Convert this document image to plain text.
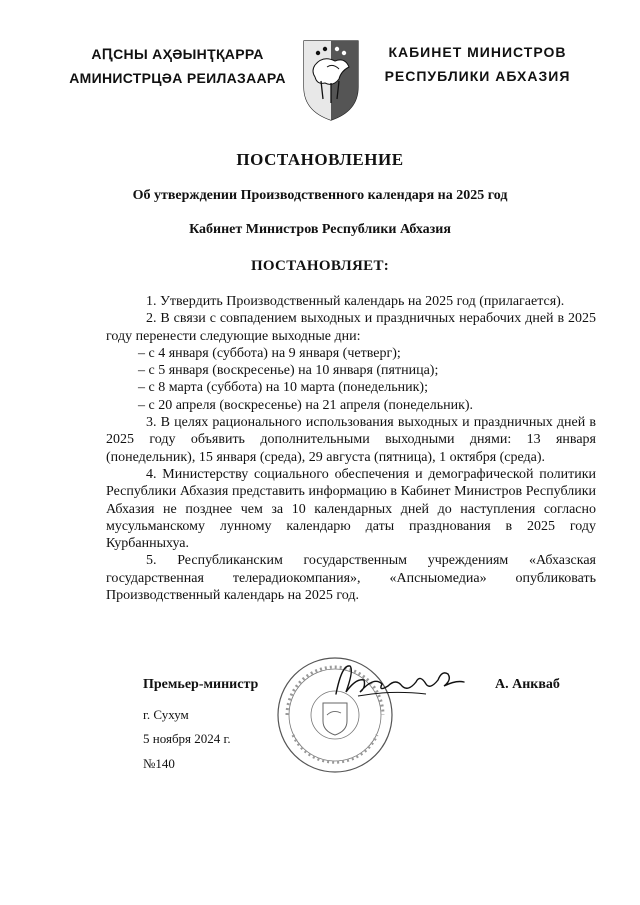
АԤСНЫ АҲӘЫНҬҚАРРА
АМИНИСТРЦӘА РЕИЛАЗААРА
КАБИНЕТ МИНИСТРОВ
РЕСПУБЛИКИ АБХАЗИЯ
ПОСТАНОВЛЕНИЕ
Об утверждении Производственного календаря на 2025 год
Кабинет Министров Республики Абхазия
ПОСТАНОВЛЯЕТ:

1. Утвердить Производственный календарь на 2025 год (прилагается).

2. В связи с совпадением выходных и праздничных нерабочих дней в 2025 году перенести следующие выходные дни:

– с 4 января (суббота) на 9 января (четверг);

– с 5 января (воскресенье) на 10 января (пятница);

– с 8 марта (суббота) на 10 марта (понедельник);

– с 20 апреля (воскресенье) на 21 апреля (понедельник).

3. В целях рационального использования выходных и праздничных дней в 2025 году объявить дополнительными выходными днями: 13 января (понедельник), 15 января (среда), 29 августа (пятница), 1 октября (среда).

4. Министерству социального обеспечения и демографической политики Республики Абхазия представить информацию в Кабинет Министров Республики Абхазия не позднее чем за 10 календарных дней до наступления согласно мусульманскому лунному календарю даты празднования в 2025 году Курбанныхуа.

5. Республиканским государственным учреждениям «Абхазская государственная телерадиокомпания», «Апсныомедиа» опубликовать Производственный календарь на 2025 год.

Премьер-министр	А. Анкваб
г. Сухум
5 ноября 2024 г.
№140
